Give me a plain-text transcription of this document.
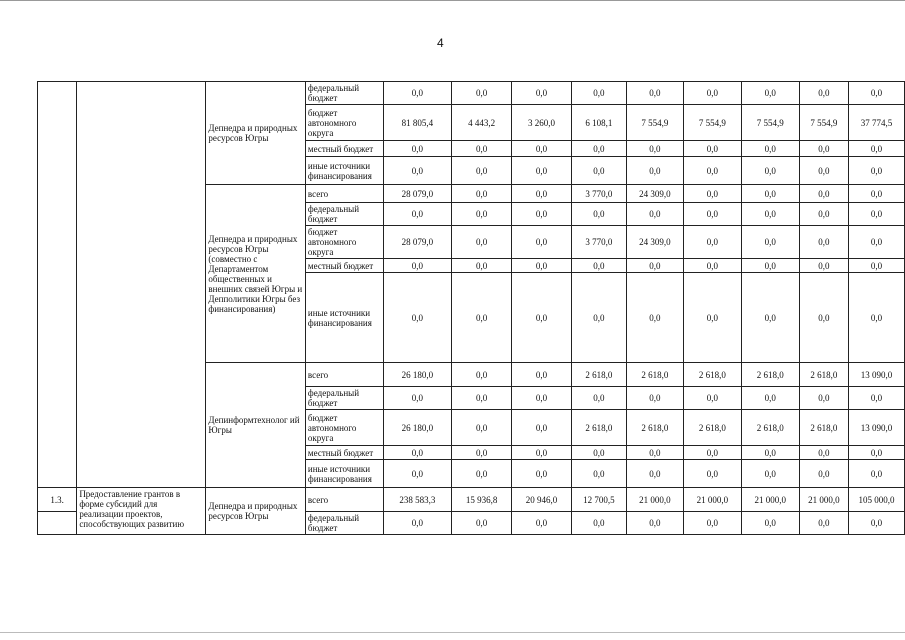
4
		Депнедра и природных ресурсов Югры	федеральный бюджет	0,0	0,0	0,0	0,0	0,0	0,0	0,0	0,0	0,0
			бюджет автономного округа	81 805,4	4 443,2	3 260,0	6 108,1	7 554,9	7 554,9	7 554,9	7 554,9	37 774,5
			местный бюджет	0,0	0,0	0,0	0,0	0,0	0,0	0,0	0,0	0,0
			иные источники финансирования	0,0	0,0	0,0	0,0	0,0	0,0	0,0	0,0	0,0
		Депнедра и природных ресурсов Югры (совместно с Департаментом общественных и внешних связей Югры и Депполитики Югры без финансирования)	всего	28 079,0	0,0	0,0	3 770,0	24 309,0	0,0	0,0	0,0	0,0
			федеральный бюджет	0,0	0,0	0,0	0,0	0,0	0,0	0,0	0,0	0,0
			бюджет автономного округа	28 079,0	0,0	0,0	3 770,0	24 309,0	0,0	0,0	0,0	0,0
			местный бюджет	0,0	0,0	0,0	0,0	0,0	0,0	0,0	0,0	0,0
			иные источники финансирования	0,0	0,0	0,0	0,0	0,0	0,0	0,0	0,0	0,0
		Депинформтехнолог ий Югры	всего	26 180,0	0,0	0,0	2 618,0	2 618,0	2 618,0	2 618,0	2 618,0	13 090,0
			федеральный бюджет	0,0	0,0	0,0	0,0	0,0	0,0	0,0	0,0	0,0
			бюджет автономного округа	26 180,0	0,0	0,0	2 618,0	2 618,0	2 618,0	2 618,0	2 618,0	13 090,0
			местный бюджет	0,0	0,0	0,0	0,0	0,0	0,0	0,0	0,0	0,0
			иные источники финансирования	0,0	0,0	0,0	0,0	0,0	0,0	0,0	0,0	0,0
1.3.	Предоставление грантов в форме субсидий для реализации проектов, способствующих развитию	Депнедра и природных ресурсов Югры	всего	238 583,3	15 936,8	20 946,0	12 700,5	21 000,0	21 000,0	21 000,0	21 000,0	105 000,0
			федеральный бюджет	0,0	0,0	0,0	0,0	0,0	0,0	0,0	0,0	0,0
